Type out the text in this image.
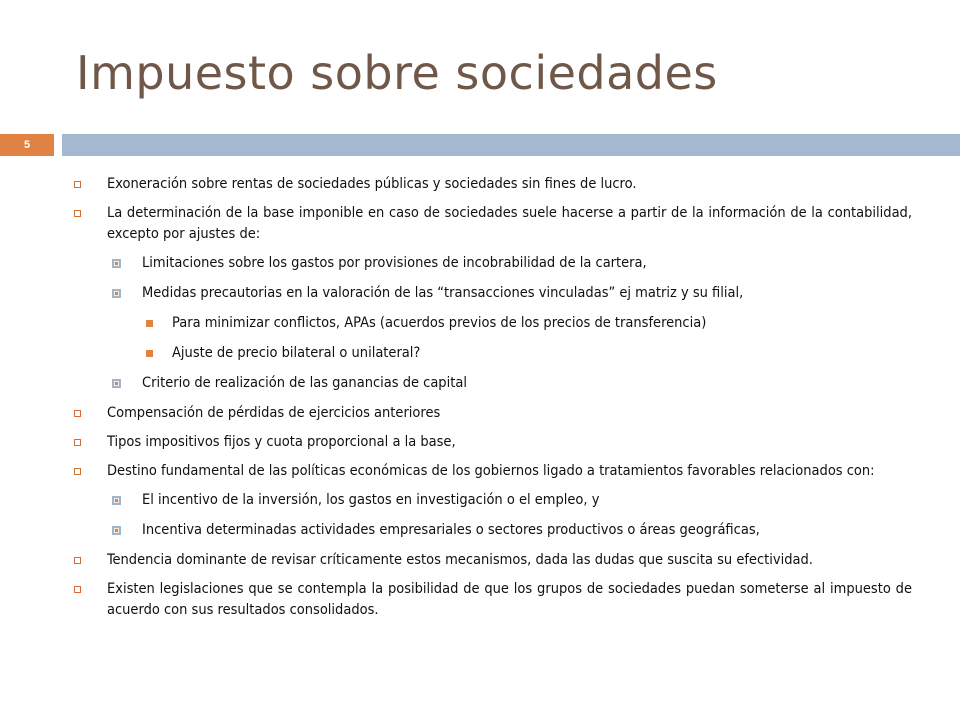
Impuesto sobre sociedades
5
Exoneración sobre rentas de sociedades públicas y sociedades sin fines de lucro.
La determinación de la base imponible en caso de sociedades suele hacerse a partir de la información de la contabilidad, excepto por ajustes de:
Limitaciones sobre los gastos por provisiones de incobrabilidad de la cartera,
Medidas precautorias en la valoración de las “transacciones vinculadas” ej matriz y su filial,
Para minimizar conflictos, APAs (acuerdos previos de los precios de transferencia)
Ajuste de precio bilateral o unilateral?
Criterio de realización de las ganancias de capital
Compensación de pérdidas de ejercicios anteriores
Tipos impositivos fijos y cuota proporcional a la base,
Destino fundamental de las políticas económicas de los gobiernos ligado a tratamientos favorables relacionados con:
El incentivo de la inversión, los gastos en investigación o el empleo, y
Incentiva determinadas actividades empresariales o sectores productivos o áreas geográficas,
Tendencia dominante de revisar críticamente estos mecanismos, dada las dudas que suscita su efectividad.
Existen legislaciones que se contempla la posibilidad de que los grupos de sociedades puedan someterse al impuesto de acuerdo con sus resultados consolidados.
